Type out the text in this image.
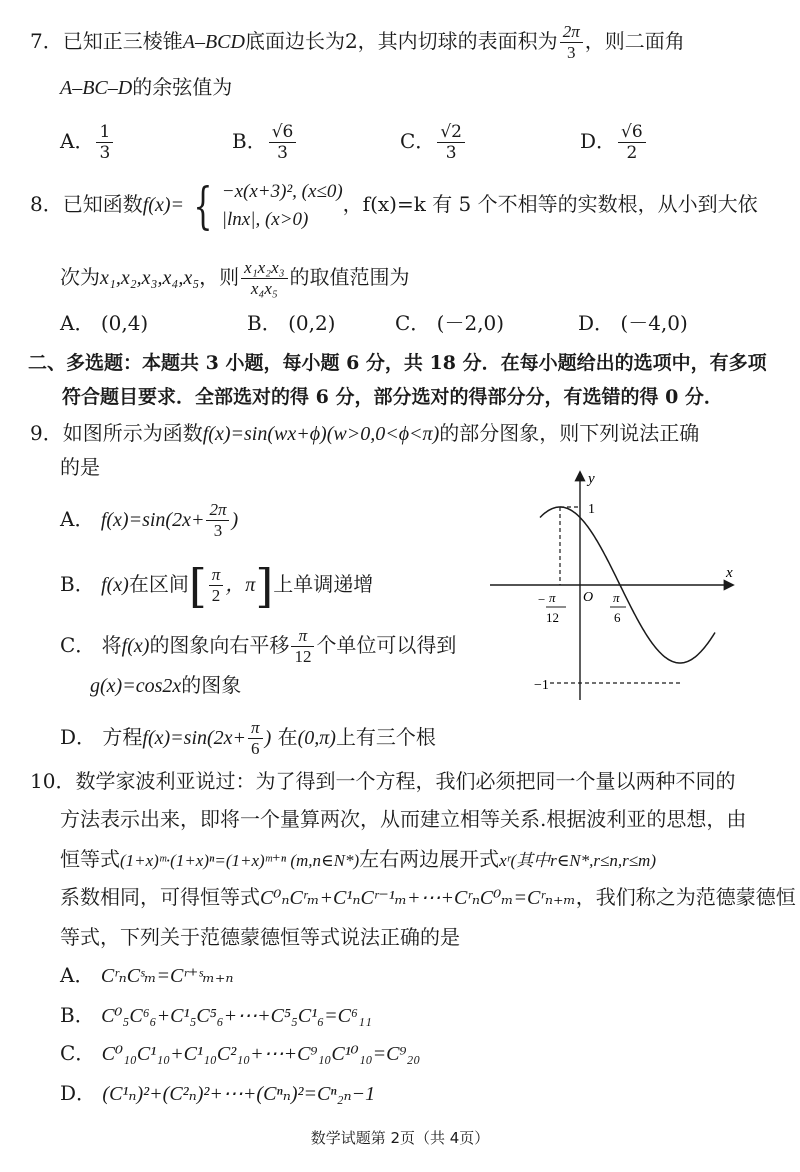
7．已知正三棱锥A–BCD底面边长为2，其内切球的表面积为 $\frac{2\pi}{3}$ ，则二面角
A–BC–D的余弦值为
A． $\frac{1}{3}$	B． $\frac{√6}{3}$	C． $\frac{√2}{3}$	D． $\frac{√6}{2}$
8．已知函数f(x)= { −x(x+3)², (x≤0)
|lnx|, (x>0)
，f(x)=k 有 5 个不相等的实数根，从小到大依
次为x₁,x₂,x₃,x₄,x₅，则 $\frac{\text{x₁x₂x₃}}{\text{x₄x₅}}$ 的取值范围为
A． (0,4)	B． (0,2)	C． (－2,0)	D． (－4,0)
二、多选题：本题共 3 小题，每小题 6 分，共 18 分．在每小题给出的选项中，有多项
符合题目要求．全部选对的得 6 分，部分选对的得部分分，有选错的得 0 分．
9．如图所示为函数f(x)=sin(wx+ϕ)(w>0,0<ϕ<π)的部分图象，则下列说法正确
的是
A． $f(x)=\sin(2x+ \frac{2\pi}{3}$ )
B． f(x)在区间[ $\frac{\pi}{2}$ ，π]上单调递增
C． 将f(x)的图象向右平移 $\frac{\pi}{12}$ 个单位可以得到
g(x)=cos2x的图象
D． 方程$f(x)=\sin(2x+ \frac{\pi}{6}$ ) 在(0,π)上有三个根
y
x
O
1
−1
− π
12
π
6
10．数学家波利亚说过：为了得到一个方程，我们必须把同一个量以两种不同的
方法表示出来，即将一个量算两次，从而建立相等关系.根据波利亚的思想，由
恒等式(1+x)ᵐ·(1+x)ⁿ=(1+x)ᵐ⁺ⁿ (m,n∈N*)左右两边展开式xʳ(其中r∈N*,r≤n,r≤m)
系数相同，可得恒等式C⁰ₙCʳₘ+C¹ₙCʳ⁻¹ₘ+⋯+CʳₙC⁰ₘ=Cʳₙ₊ₘ，我们称之为范德蒙德恒
等式，下列关于范德蒙德恒等式说法正确的是
A． CʳₙCˢₘ=Cʳ⁺ˢₘ₊ₙ
B． C⁰₅C⁶₆+C¹₅C⁵₆+⋯+C⁵₅C¹₆=C⁶₁₁
C． C⁰₁₀C¹₁₀+C¹₁₀C²₁₀+⋯+C⁹₁₀C¹⁰₁₀=C⁹₂₀
D． (C¹ₙ)²+(C²ₙ)²+⋯+(Cⁿₙ)²=Cⁿ₂ₙ−1
数学试题第 2页（共 4页）
